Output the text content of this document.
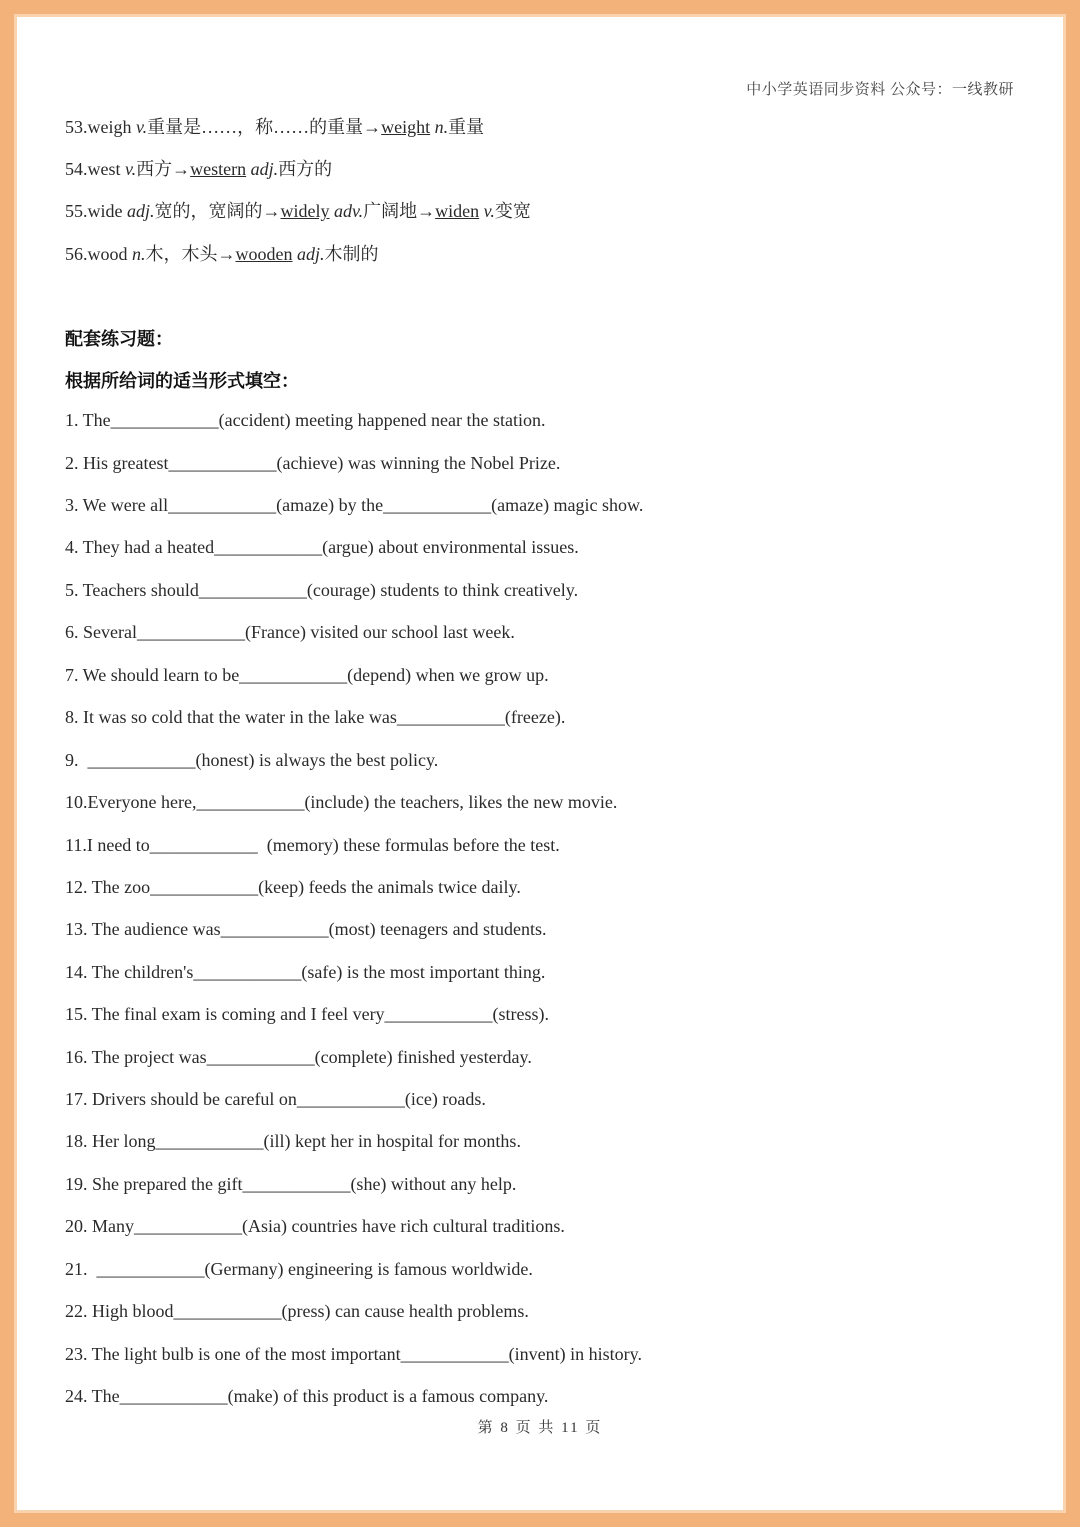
中小学英语同步资料 公众号：一线教研
53.weigh v.重量是……，称……的重量→weight n.重量
54.west v.西方→western adj.西方的
55.wide adj.宽的，宽阔的→widely adv.广阔地→widen v.变宽
56.wood n.木，木头→wooden adj.木制的
配套练习题：
根据所给词的适当形式填空：
1. The____________(accident) meeting happened near the station.
2. His greatest____________(achieve) was winning the Nobel Prize.
3. We were all____________(amaze) by the____________(amaze) magic show.
4. They had a heated____________(argue) about environmental issues.
5. Teachers should____________(courage) students to think creatively.
6. Several____________(France) visited our school last week.
7. We should learn to be____________(depend) when we grow up.
8. It was so cold that the water in the lake was____________(freeze).
9.  ____________(honest) is always the best policy.
10.Everyone here,____________(include) the teachers, likes the new movie.
11.I need to____________  (memory) these formulas before the test.
12. The zoo____________(keep) feeds the animals twice daily.
13. The audience was____________(most) teenagers and students.
14. The children's____________(safe) is the most important thing.
15. The final exam is coming and I feel very____________(stress).
16. The project was____________(complete) finished yesterday.
17. Drivers should be careful on____________(ice) roads.
18. Her long____________(ill) kept her in hospital for months.
19. She prepared the gift____________(she) without any help.
20. Many____________(Asia) countries have rich cultural traditions.
21.  ____________(Germany) engineering is famous worldwide.
22. High blood____________(press) can cause health problems.
23. The light bulb is one of the most important____________(invent) in history.
24. The____________(make) of this product is a famous company.
第 8 页 共 11 页
